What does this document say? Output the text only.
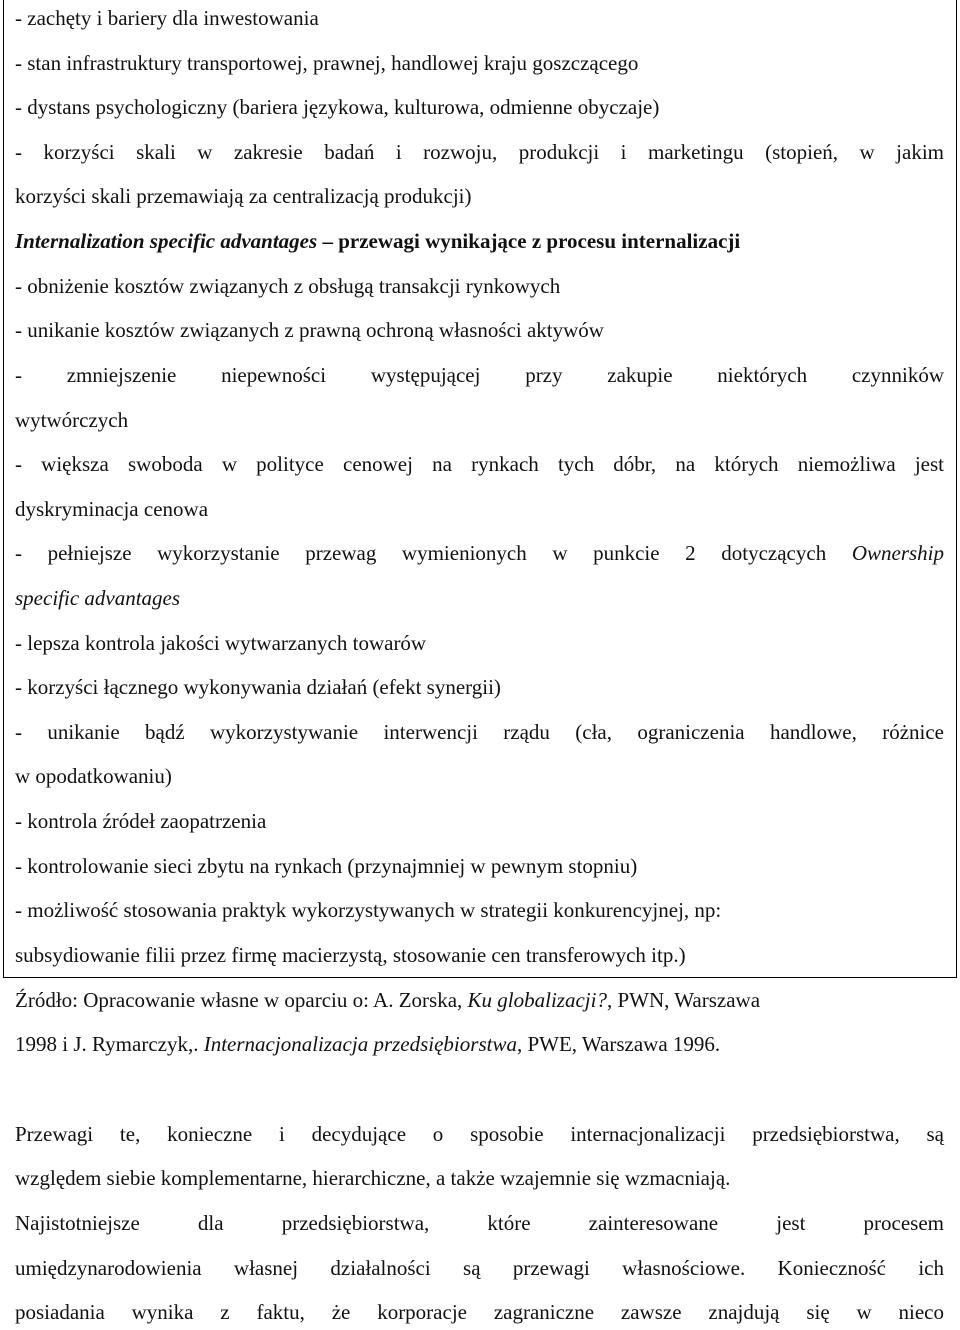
- zachęty i bariery dla inwestowania
- stan infrastruktury transportowej, prawnej, handlowej kraju goszczącego
- dystans psychologiczny (bariera językowa, kulturowa, odmienne obyczaje)
- korzyści skali w zakresie badań i rozwoju, produkcji i marketingu (stopień, w jakim
korzyści skali przemawiają za centralizacją produkcji)
Internalization specific advantages – przewagi wynikające z procesu internalizacji
- obniżenie kosztów związanych z obsługą transakcji rynkowych
- unikanie kosztów związanych z prawną ochroną własności aktywów
- zmniejszenie niepewności występującej przy zakupie niektórych czynników
wytwórczych
- większa swoboda w polityce cenowej na rynkach tych dóbr, na których niemożliwa jest
dyskryminacja cenowa
- pełniejsze wykorzystanie przewag wymienionych w punkcie 2 dotyczących Ownership
specific advantages
- lepsza kontrola jakości wytwarzanych towarów
- korzyści łącznego wykonywania działań (efekt synergii)
- unikanie bądź wykorzystywanie interwencji rządu (cła, ograniczenia handlowe, różnice
w opodatkowaniu)
- kontrola źródeł zaopatrzenia
- kontrolowanie sieci zbytu na rynkach (przynajmniej w pewnym stopniu)
- możliwość stosowania praktyk wykorzystywanych w strategii konkurencyjnej, np:
subsydiowanie filii przez firmę macierzystą, stosowanie cen transferowych itp.)
Źródło: Opracowanie własne w oparciu o: A. Zorska, Ku globalizacji?, PWN, Warszawa
1998 i J. Rymarczyk,. Internacjonalizacja przedsiębiorstwa, PWE, Warszawa 1996.
Przewagi te, konieczne i decydujące o sposobie internacjonalizacji przedsiębiorstwa, są
względem siebie komplementarne, hierarchiczne, a także wzajemnie się wzmacniają.
Najistotniejsze dla przedsiębiorstwa, które zainteresowane jest procesem
umiędzynarodowienia własnej działalności są przewagi własnościowe. Konieczność ich
posiadania wynika z faktu, że korporacje zagraniczne zawsze znajdują się w nieco
